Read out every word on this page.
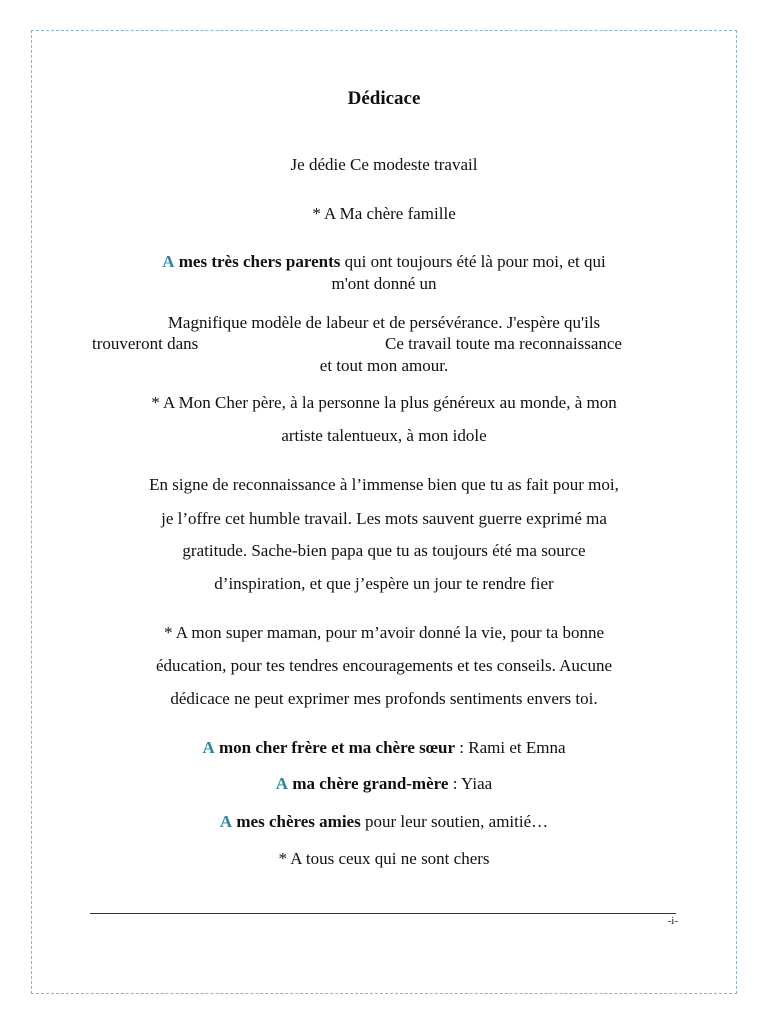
Dédicace

Je dédie Ce modeste travail

* A Ma chère famille

A mes très chers parents qui ont toujours été là pour moi, et qui

m'ont donné un

Magnifique modèle de labeur et de persévérance. J'espère qu'ils

trouveront dans	Ce travail toute ma reconnaissance

et tout mon amour.

* A Mon Cher père, à la personne la plus généreux au monde, à mon

artiste talentueux, à mon idole

En signe de reconnaissance à l’immense bien que tu as fait pour moi,

je l’offre cet humble travail. Les mots sauvent guerre exprimé ma

gratitude. Sache-bien papa que tu as toujours été ma source

d’inspiration, et que j’espère un jour te rendre fier

* A mon super maman, pour m’avoir donné la vie, pour ta bonne

éducation, pour tes tendres encouragements et tes conseils. Aucune

dédicace ne peut exprimer mes profonds sentiments envers toi.

A mon cher frère et ma chère sœur : Rami et Emna

A ma chère grand-mère : Yiaa

A mes chères amies pour leur soutien, amitié…

* A tous ceux qui ne sont chers

-i-
